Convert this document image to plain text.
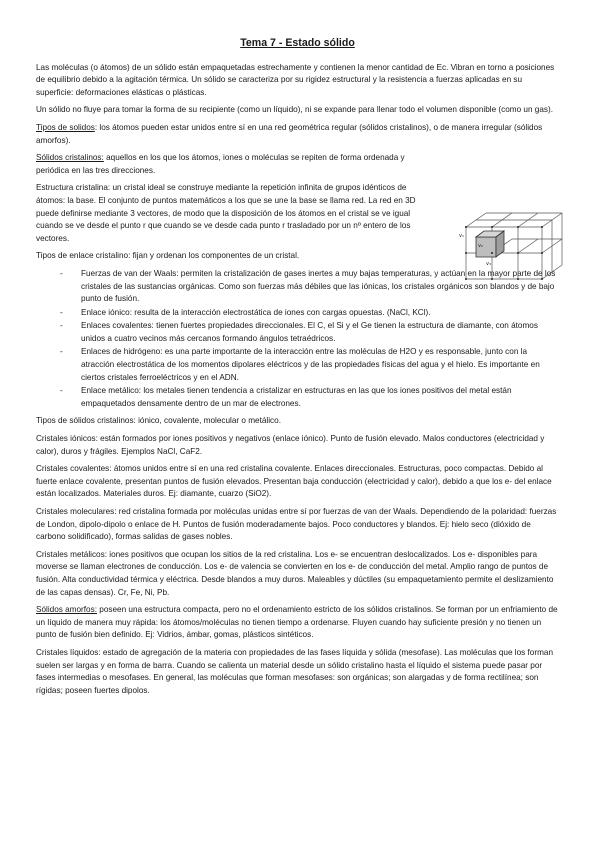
Tema 7 - Estado sólido

Las moléculas (o átomos) de un sólido están empaquetadas estrechamente y contienen la menor cantidad de Ec. Vibran en torno a posiciones de equilibrio debido a la agitación térmica. Un sólido se caracteriza por su rigidez estructural y la resistencia a fuerzas aplicadas en su superficie: deformaciones elásticas o plásticas.

Un sólido no fluye para tomar la forma de su recipiente (como un líquido), ni se expande para llenar todo el volumen disponible (como un gas).

Tipos de solidos: los átomos pueden estar unidos entre sí en una red geométrica regular (sólidos cristalinos), o de manera irregular (sólidos amorfos).

Sólidos cristalinos: aquellos en los que los átomos, iones o moléculas se repiten de forma ordenada y periódica en las tres direcciones.

Estructura cristalina: un cristal ideal se construye mediante la repetición infinita de grupos idénticos de átomos: la base. El conjunto de puntos matemáticos a los que se une la base se llama red. La red en 3D puede definirse mediante 3 vectores, de modo que la disposición de los átomos en el cristal se ve igual cuando se ve desde el punto r que cuando se ve desde cada punto r trasladado por un nº entero de los vectores.

Tipos de enlace cristalino: fijan y ordenan los componentes de un cristal.

- Fuerzas de van der Waals: permiten la cristalización de gases inertes a muy bajas temperaturas, y actúan en la mayor parte de los cristales de las sustancias orgánicas. Como son fuerzas más débiles que las iónicas, los cristales orgánicos son blandos y de bajo punto de fusión.
- Enlace iónico: resulta de la interacción electrostática de iones con cargas opuestas. (NaCl, KCl).
- Enlaces covalentes: tienen fuertes propiedades direccionales. El C, el Si y el Ge tienen la estructura de diamante, con átomos unidos a cuatro vecinos más cercanos formando ángulos tetraédricos.
- Enlaces de hidrógeno: es una parte importante de la interacción entre las moléculas de H2O y es responsable, junto con la atracción electrostática de los momentos dipolares eléctricos y de las propiedades físicas del agua y el hielo. Es importante en ciertos cristales ferroeléctricos y en el ADN.
- Enlace metálico: los metales tienen tendencia a cristalizar en estructuras en las que los iones positivos del metal están empaquetados densamente dentro de un mar de electrones.

Tipos de sólidos cristalinos: iónico, covalente, molecular o metálico.

Cristales iónicos: están formados por iones positivos y negativos (enlace iónico). Punto de fusión elevado. Malos conductores (electricidad y calor), duros y frágiles. Ejemplos NaCl, CaF2.

Cristales covalentes: átomos unidos entre sí en una red cristalina covalente. Enlaces direccionales. Estructuras, poco compactas. Debido al fuerte enlace covalente, presentan puntos de fusión elevados. Presentan baja conducción (electricidad y calor), debido a que los e- del enlace están localizados. Materiales duros. Ej: diamante, cuarzo (SiO2).

Cristales moleculares: red cristalina formada por moléculas unidas entre sí por fuerzas de van der Waals. Dependiendo de la polaridad: fuerzas de London, dipolo-dipolo o enlace de H. Puntos de fusión moderadamente bajos. Poco conductores y blandos. Ej: hielo seco (dióxido de carbono solidificado), formas salidas de gases nobles.

Cristales metálicos: iones positivos que ocupan los sitios de la red cristalina. Los e- se encuentran deslocalizados. Los e- disponibles para moverse se llaman electrones de conducción. Los e- de valencia se convierten en los e- de conducción del metal. Amplio rango de puntos de fusión. Alta conductividad térmica y eléctrica. Desde blandos a muy duros. Maleables y dúctiles (su empaquetamiento permite el deslizamiento de las capas densas). Cr, Fe, Ni, Pb.

Sólidos amorfos: poseen una estructura compacta, pero no el ordenamiento estricto de los sólidos cristalinos. Se forman por un enfriamiento de un líquido de manera muy rápida: los átomos/moléculas no tienen tiempo a ordenarse. Fluyen cuando hay suficiente presión y no tienen un punto de fusión bien definido. Ej: Vidrios, ámbar, gomas, plásticos sintéticos.

Cristales líquidos: estado de agregación de la materia con propiedades de las fases líquida y sólida (mesofase). Las moléculas que los forman suelen ser largas y en forma de barra. Cuando se calienta un material desde un sólido cristalino hasta el líquido el sistema puede pasar por fases intermedias o mesofases. En general, las moléculas que forman mesofases: son orgánicas; son alargadas y de forma rectilínea; son rígidas; poseen fuertes dipolos.

v₁
v₂
v₃
